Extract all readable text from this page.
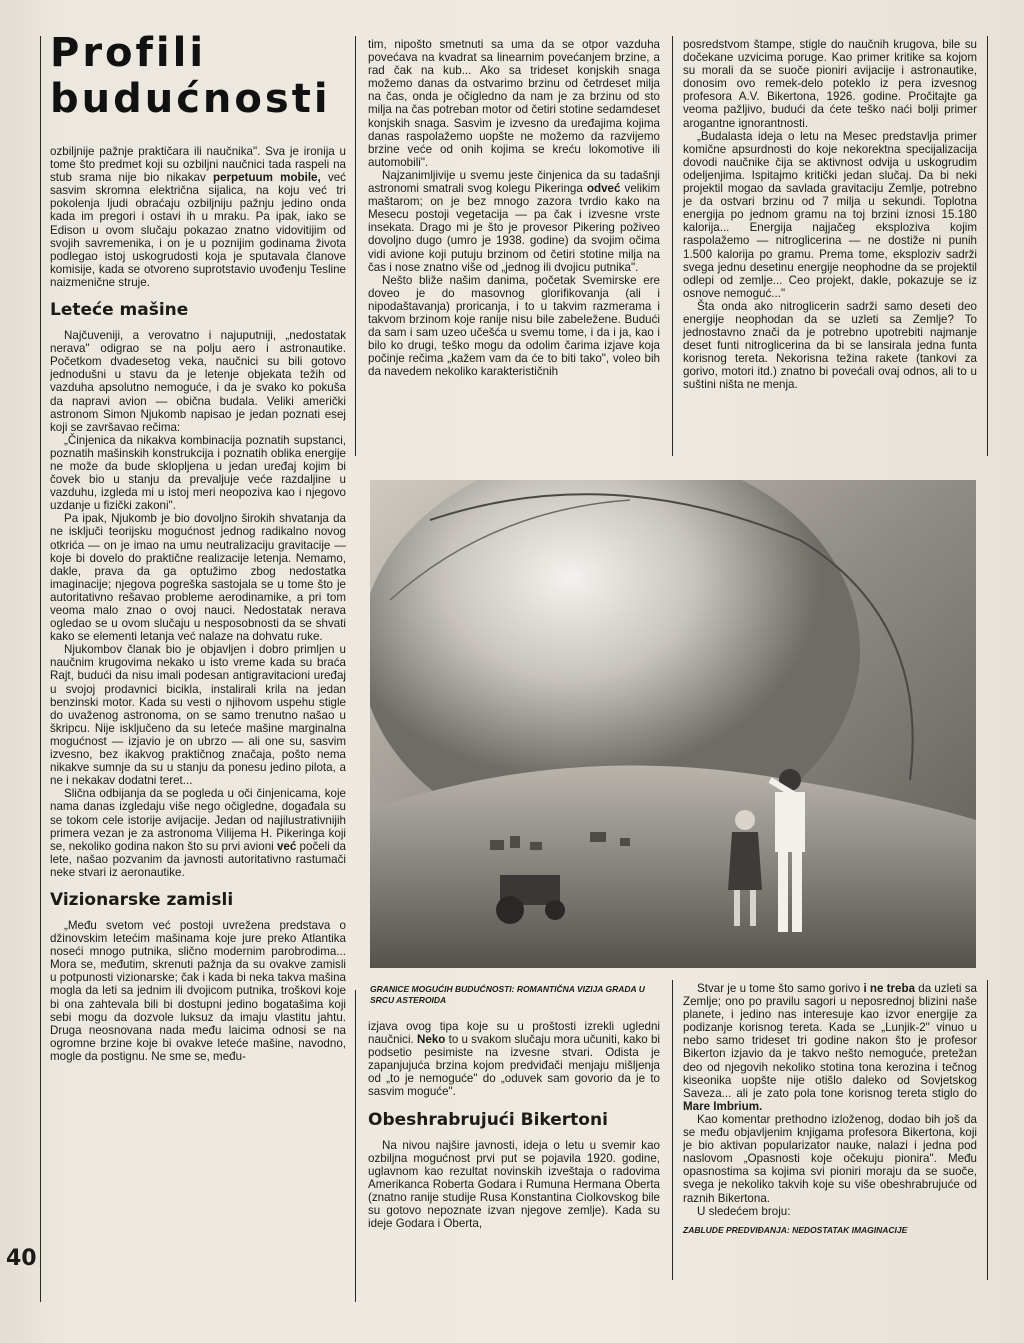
Profili
budućnosti

ozbiljnije pažnje praktičara ili naučnika". Sva je ironija u tome što predmet koji su ozbiljni naučnici tada raspeli na stub srama nije bio nikakav perpetuum mobile, već sasvim skromna električna sijalica, na koju već tri pokolenja ljudi obraćaju ozbiljniju pažnju jedino onda kada im pregori i ostavi ih u mraku. Pa ipak, iako se Edison u ovom slučaju pokazao znatno vidovitijim od svojih savremenika, i on je u poznijim godinama života podlegao istoj uskogrudosti koja je sputavala članove komisije, kada se otvoreno suprotstavio uvođenju Tesline naizmenične struje.

Leteće mašine

Najčuveniji, a verovatno i najuputniji, „nedostatak nerava" odigrao se na polju aero i astronautike. Početkom dvadesetog veka, naučnici su bili gotovo jednodušni u stavu da je letenje objekata težih od vazduha apsolutno nemoguće, i da je svako ko pokuša da napravi avion — obična budala. Veliki američki astronom Simon Njukomb napisao je jedan poznati esej koji se završavao rečima:

„Činjenica da nikakva kombinacija poznatih supstanci, poznatih mašinskih konstrukcija i poznatih oblika energije ne može da bude sklopljena u jedan uređaj kojim bi čovek bio u stanju da prevaljuje veće razdaljine u vazduhu, izgleda mi u istoj meri neopozivа kao i njegovo uzdanje u fizički zakoni".

Pa ipak, Njukomb je bio dovoljno širokih shvatanja da ne isključi teorijsku mogućnost jednog radikalno novog otkrića — on je imao na umu neutralizaciju gravitacije — koje bi dovelo do praktične realizacije letenja. Nemamo, dakle, prava da ga optužimo zbog nedostatka imaginacije; njegova pogreška sastojala se u tome što je autoritativno rešavao probleme aerodinamike, a pri tom veoma malo znao o ovoj nauci. Nedostatak nerava ogledao se u ovom slučaju u nesposobnosti da se shvati kako se elementi letanja već nalaze na dohvatu ruke.

Njukombov članak bio je objavljen i dobro primljen u naučnim krugovima nekako u isto vreme kada su braća Rajt, budući da nisu imali podesan antigravitacioni uređaj u svojoj prodavnici bicikla, instalirali krila na jedan benzinski motor. Kada su vesti o njihovom uspehu stigle do uvaženog astronoma, on se samo trenutno našao u škripcu. Nije isključeno da su leteće mašine marginalna mogućnost — izjavio je on ubrzo — ali one su, sasvim izvesno, bez ikakvog praktičnog značaja, pošto nema nikakve sumnje da su u stanju da ponesu jedino pilota, a ne i nekakav dodatni teret...

Slična odbijanja da se pogleda u oči činjenicama, koje nama danas izgledaju više nego očigledne, događala su se tokom cele istorije avijacije. Jedan od najilustrativnijih primera vezan je za astronoma Vilijema H. Pikeringa koji se, nekoliko godina nakon što su prvi avioni već počeli da lete, našao pozvanim da javnosti autoritativno rastumači neke stvari iz aeronautike.

Vizionarske zamisli

„Među svetom već postoji uvrežena predstava o džinovskim letećim mašinama koje jure preko Atlantika noseći mnogo putnika, slično modernim parobrodima... Mora se, međutim, skrenuti pažnja da su ovakve zamisli u potpunosti vizionarske; čak i kada bi neka takva mašina mogla da leti sa jednim ili dvojicom putnika, troškovi koje bi ona zahtevala bili bi dostupni jedino bogatašima koji sebi mogu da dozvole luksuz da imaju vlastitu jahtu. Druga neosnovana nada među laicima odnosi se na ogromne brzine koje bi ovakve leteće mašine, navodno, mogle da postignu. Ne sme se, među-

tim, nipošto smetnuti sa uma da se otpor vazduha povećava na kvadrat sa linearnim povećanjem brzine, a rad čak na kub... Ako sa trideset konjskih snaga možemo danas da ostvarimo brzinu od četrdeset milja na čas, onda je očigledno da nam je za brzinu od sto milja na čas potreban motor od četiri stotine sedamdeset konjskih snaga. Sasvim je izvesno da uređajima kojima danas raspolažemo uopšte ne možemo da razvijemo brzine veće od onih kojima se kreću lokomotive ili automobili".

Najzanimljivije u svemu jeste činjenica da su tadašnji astronomi smatrali svog kolegu Pikeringa odveć velikim maštarom; on je bez mnogo zazora tvrdio kako na Mesecu postoji vegetacija — pa čak i izvesne vrste insekata. Drago mi je što je provesor Pikering poživeo dovoljno dugo (umro je 1938. godine) da svojim očima vidi avione koji putuju brzinom od četiri stotine milja na čas i nose znatno više od „jednog ili dvojicu putnika".

Nešto bliže našim danima, početak Svemirske ere doveo je do masovnog glorifikovanja (ali i nipodaštavanja) proricanja, i to u takvim razmerama i takvom brzinom koje ranije nisu bile zabeležene. Budući da sam i sam uzeo učešća u svemu tome, i da i ja, kao i bilo ko drugi, teško mogu da odolim čarima izjave koja počinje rečima „kažem vam da će to biti tako", voleo bih da navedem nekoliko karakterističnih

posredstvom štampe, stigle do naučnih krugova, bile su dočekane uzvicima poruge. Kao primer kritike sa kojom su morali da se suoče pioniri avijacije i astronautike, donosim ovo remek-delo poteklo iz pera izvesnog profesora A.V. Bikertona, 1926. godine. Pročitajte ga veoma pažljivo, budući da ćete teško naći bolji primer arogantne ignorantnosti.

„Budalasta ideja o letu na Mesec predstavlja primer komične apsurdnosti do koje nekorektna specijalizacija dovodi naučnike čija se aktivnost odvija u uskogrudim odeljenjima. Ispitajmo kritički jedan slučaj. Da bi neki projektil mogao da savlada gravitaciju Zemlje, potrebno je da ostvari brzinu od 7 milja u sekundi. Toplotna energija po jednom gramu na toj brzini iznosi 15.180 kalorija... Energija najjačeg eksploziva kojim raspolažemo — nitroglicerina — ne dostiže ni punih 1.500 kalorija po gramu. Prema tome, eksploziv sadrži svega jednu desetinu energije neophodne da se projektil odlepi od zemlje... Ceo projekt, dakle, pokazuje se iz osnove nemoguć..."

Šta onda ako nitroglicerin sadrži samo deseti deo energije neophodan da se uzleti sa Zemlje? To jednostavno znači da je potrebno upotrebiti najmanje deset funti nitroglicerina da bi se lansirala jedna funta korisnog tereta. Nekorisna težina rakete (tankovi za gorivo, motori itd.) znatno bi povećali ovaj odnos, ali to u suštini ništa ne menja.

GRANICE MOGUĆIH BUDUĆNOSTI: ROMANTIČNA VIZIJA GRADA U SRCU ASTEROIDA

izjava ovog tipa koje su u proštosti izrekli ugledni naučnici. Neko to u svakom slučaju mora učuniti, kako bi podsetio pesimiste na izvesne stvari. Odista je zapanjujuća brzina kojom predviđači menjaju mišljenja od „to je nemoguće" do „oduvek sam govorio da je to sasvim moguće".

Obeshrabrujući Bikertoni

Na nivou najšire javnosti, ideja o letu u svemir kao ozbiljna mogućnost prvi put se pojavila 1920. godine, uglavnom kao rezultat novinskih izveštaja o radovima Amerikanca Roberta Godara i Rumuna Hermana Oberta (znatno ranije studije Rusa Konstantina Ciolkovskog bile su gotovo nepoznate izvan njegove zemlje). Kada su ideje Godara i Oberta,

Stvar je u tome što samo gorivo i ne treba da uzleti sa Zemlje; ono po pravilu sagori u neposrednoj blizini naše planete, i jedino nas interesuje kao izvor energije za podizanje korisnog tereta. Kada se „Lunjik-2" vinuo u nebo samo trideset tri godine nakon što je profesor Bikerton izjavio da je takvo nešto nemoguće, pretežan deo od njegovih nekoliko stotina tona kerozina i tečnog kiseonika uopšte nije otišlo daleko od Sovjetskog Saveza... ali je zato pola tone korisnog tereta stiglo do Mare Imbrium.

Kao komentar prethodno izloženog, dodao bih još da se među objavljenim knjigama profesora Bikertona, koji je bio aktivan popularizator nauke, nalazi i jedna pod naslovom „Opasnosti koje očekuju pionira". Među opasnostima sa kojima svi pioniri moraju da se suoče, svega je nekoliko takvih koje su više obeshrabrujuće od raznih Bikertona.

U sledećem broju:

ZABLUDE PREDVIĐANJA: NEDOSTATAK IMAGINACIJE
40
